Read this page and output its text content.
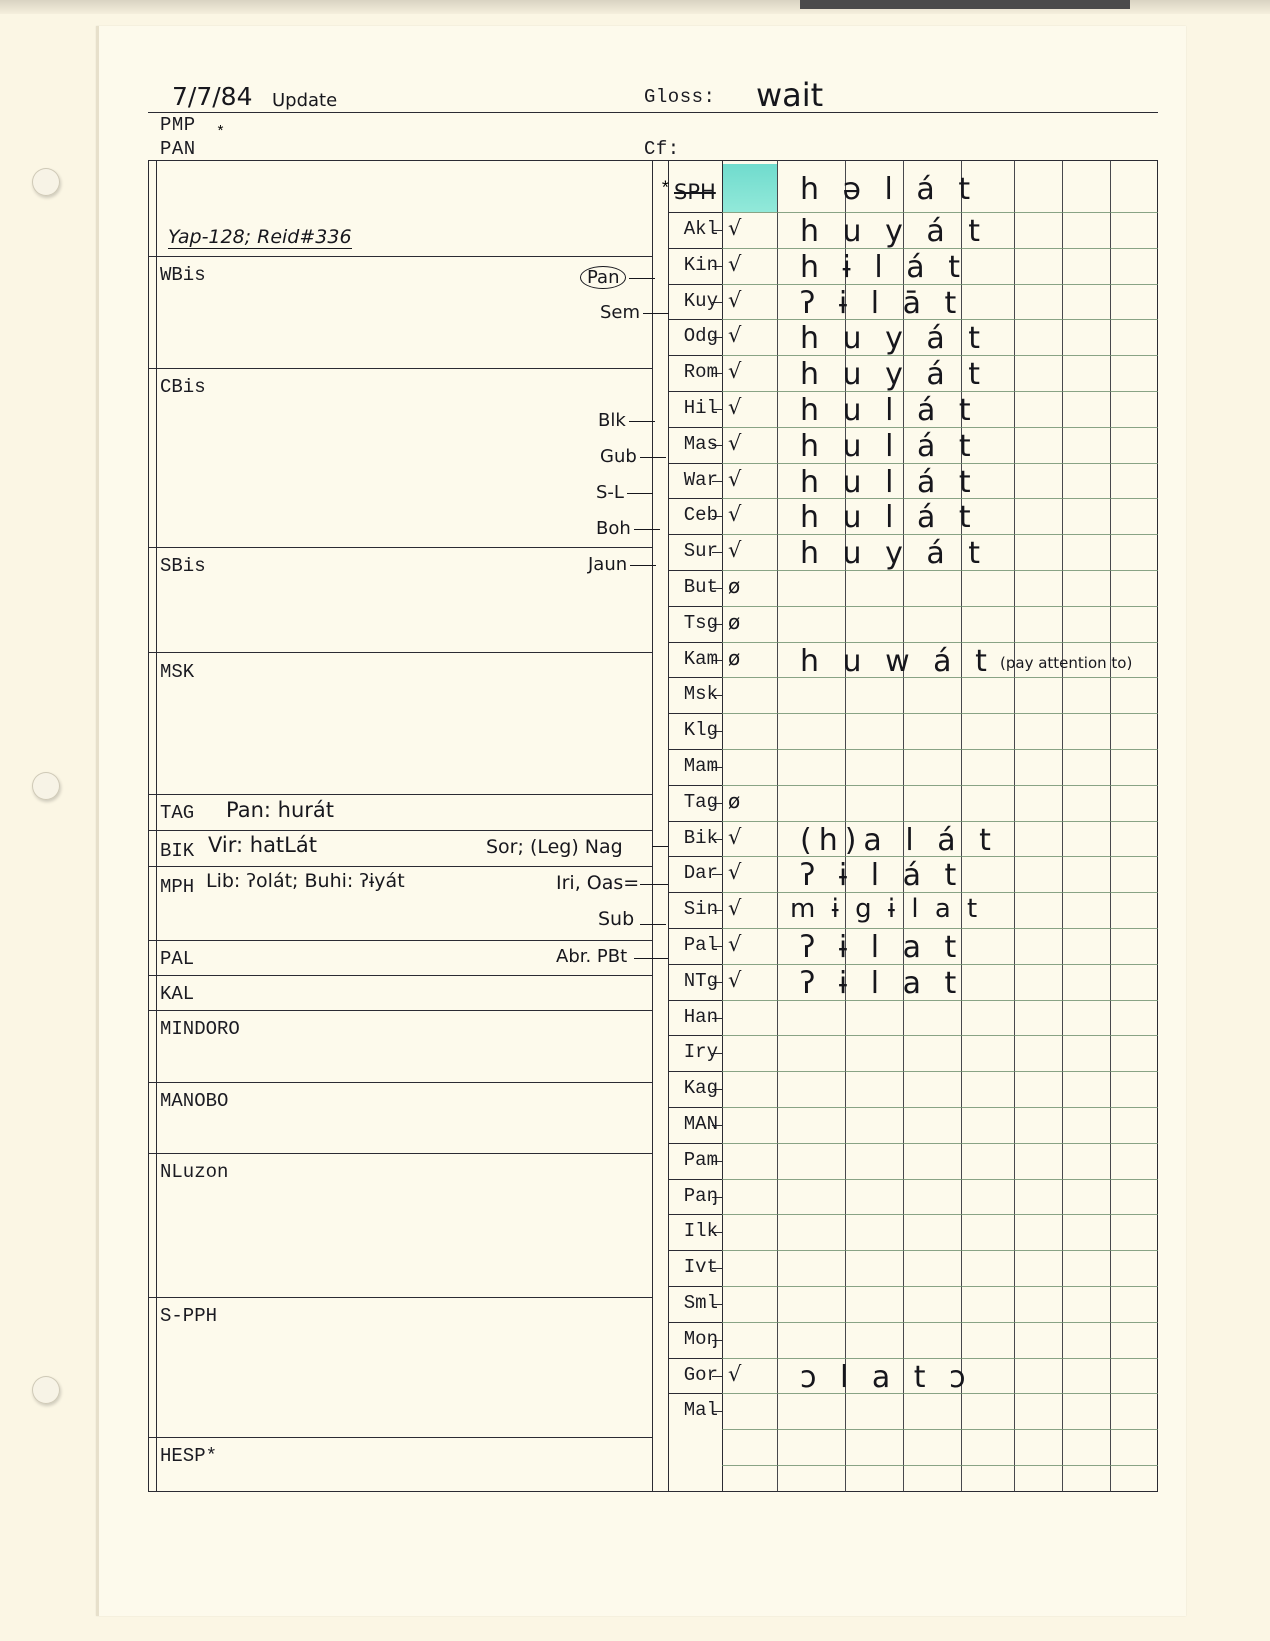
7/7/84 Update
PMP *
PAN
Gloss: wait
Cf:
* SPH	h ə l á t
Yap-128; Reid#336
Pan: hurát
Vir: hatLát
Lib: ʔolát; Buhi: ʔɨyát
Sor; (Leg) Nag
Iri, Oas=
Sub
Abr. PBt
WBis
CBis
SBis
MSK
TAG
BIK
MPH
PAL
KAL
MINDORO
MANOBO
NLuzon
S-PPH
HESP*
Akl √ h u y á t
Kin √ h ɨ l á t
Kuy √ ʔ ɨ l ā t
Odg √ h u y á t
Rom √ h u y á t
Hil √ h u l á t
Mas √ h u l á t
War √ h u l á t
Ceb √ h u l á t
Sur √ h u y á t
But ø
Tsg ø
Kam ø h u w á t (pay attention to)
Msk
Klg
Mam
Tag ø
Bik √ (h)a l á t
Dar √ ʔ ɨ l á t
Sin √ m ɨ g ɨ l a t
Pal √ ʔ ɨ l a t
NTg √ ʔ ɨ l a t
Han
Iry
Kag
MAN
Pam
Paŋ
Ilk
Ivt
Sml
Moŋ
Gor √ ɔ l a t ɔ
Mal
Pan
Sem
Blk
Gub
S-L
Boh
Jaun
